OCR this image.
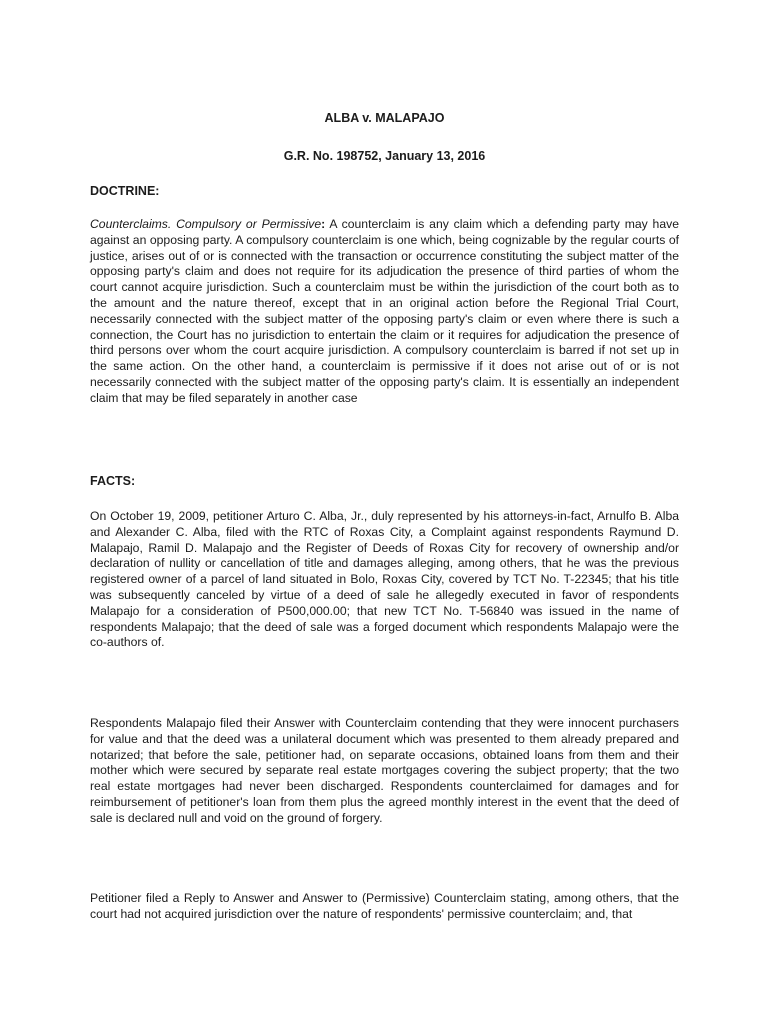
ALBA v. MALAPAJO
G.R. No. 198752, January 13, 2016
DOCTRINE:
Counterclaims. Compulsory or Permissive: A counterclaim is any claim which a defending party may have against an opposing party. A compulsory counterclaim is one which, being cognizable by the regular courts of justice, arises out of or is connected with the transaction or occurrence constituting the subject matter of the opposing party's claim and does not require for its adjudication the presence of third parties of whom the court cannot acquire jurisdiction. Such a counterclaim must be within the jurisdiction of the court both as to the amount and the nature thereof, except that in an original action before the Regional Trial Court, necessarily connected with the subject matter of the opposing party's claim or even where there is such a connection, the Court has no jurisdiction to entertain the claim or it requires for adjudication the presence of third persons over whom the court acquire jurisdiction. A compulsory counterclaim is barred if not set up in the same action. On the other hand, a counterclaim is permissive if it does not arise out of or is not necessarily connected with the subject matter of the opposing party's claim. It is essentially an independent claim that may be filed separately in another case
FACTS:
On October 19, 2009, petitioner Arturo C. Alba, Jr., duly represented by his attorneys-in-fact, Arnulfo B. Alba and Alexander C. Alba, filed with the RTC of Roxas City, a Complaint against respondents Raymund D. Malapajo, Ramil D. Malapajo and the Register of Deeds of Roxas City for recovery of ownership and/or declaration of nullity or cancellation of title and damages alleging, among others, that he was the previous registered owner of a parcel of land situated in Bolo, Roxas City, covered by TCT No. T-22345; that his title was subsequently canceled by virtue of a deed of sale he allegedly executed in favor of respondents Malapajo for a consideration of P500,000.00; that new TCT No. T-56840 was issued in the name of respondents Malapajo; that the deed of sale was a forged document which respondents Malapajo were the co-authors of.
Respondents Malapajo filed their Answer with Counterclaim contending that they were innocent purchasers for value and that the deed was a unilateral document which was presented to them already prepared and notarized; that before the sale, petitioner had, on separate occasions, obtained loans from them and their mother which were secured by separate real estate mortgages covering the subject property; that the two real estate mortgages had never been discharged. Respondents counterclaimed for damages and for reimbursement of petitioner's loan from them plus the agreed monthly interest in the event that the deed of sale is declared null and void on the ground of forgery.
Petitioner filed a Reply to Answer and Answer to (Permissive) Counterclaim stating, among others, that the court had not acquired jurisdiction over the nature of respondents' permissive counterclaim; and, that
